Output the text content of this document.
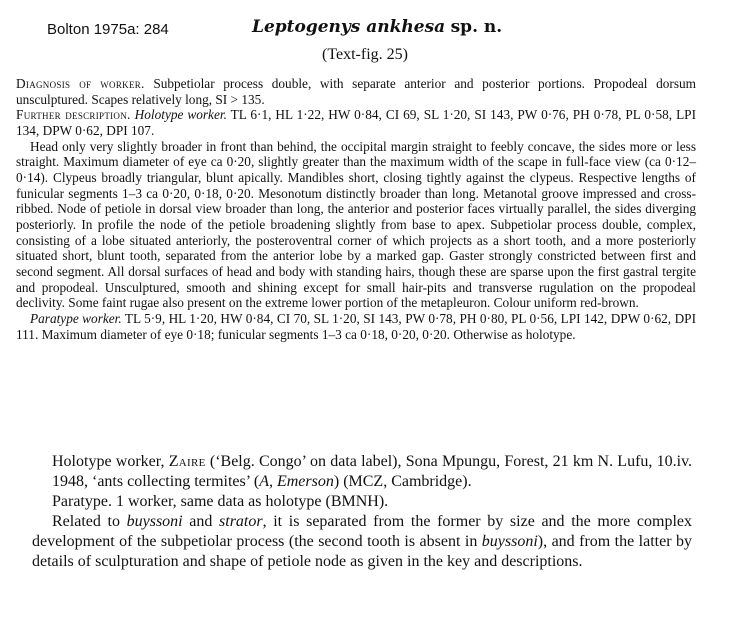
Bolton 1975a: 284	Leptogenys ankhesa sp. n.
(Text-fig. 25)

Diagnosis of worker. Subpetiolar process double, with separate anterior and posterior portions. Propodeal dorsum unsculptured. Scapes relatively long, SI > 135.

Further description. Holotype worker. TL 6·1, HL 1·22, HW 0·84, CI 69, SL 1·20, SI 143, PW 0·76, PH 0·78, PL 0·58, LPI 134, DPW 0·62, DPI 107.

Head only very slightly broader in front than behind, the occipital margin straight to feebly concave, the sides more or less straight. Maximum diameter of eye ca 0·20, slightly greater than the maximum width of the scape in full-face view (ca 0·12–0·14). Clypeus broadly triangular, blunt apically. Mandibles short, closing tightly against the clypeus. Respective lengths of funicular segments 1–3 ca 0·20, 0·18, 0·20. Mesonotum distinctly broader than long. Metanotal groove impressed and cross-ribbed. Node of petiole in dorsal view broader than long, the anterior and posterior faces virtually parallel, the sides diverging posteriorly. In profile the node of the petiole broadening slightly from base to apex. Subpetiolar process double, complex, consisting of a lobe situated anteriorly, the posteroventral corner of which projects as a short tooth, and a more posteriorly situated short, blunt tooth, separated from the anterior lobe by a marked gap. Gaster strongly constricted between first and second segment. All dorsal surfaces of head and body with standing hairs, though these are sparse upon the first gastral tergite and propodeal. Unsculptured, smooth and shining except for small hair-pits and transverse rugulation on the propodeal declivity. Some faint rugae also present on the extreme lower portion of the metapleuron. Colour uniform red-brown.

Paratype worker. TL 5·9, HL 1·20, HW 0·84, CI 70, SL 1·20, SI 143, PW 0·78, PH 0·80, PL 0·56, LPI 142, DPW 0·62, DPI 111. Maximum diameter of eye 0·18; funicular segments 1–3 ca 0·18, 0·20, 0·20. Otherwise as holotype.

Holotype worker, Zaire (‘Belg. Congo’ on data label), Sona Mpungu, Forest, 21 km N. Lufu, 10.iv. 1948, ‘ants collecting termites’ (A, Emerson) (MCZ, Cambridge).

Paratype. 1 worker, same data as holotype (BMNH).

Related to buyssoni and strator, it is separated from the former by size and the more complex development of the subpetiolar process (the second tooth is absent in buyssoni), and from the latter by details of sculpturation and shape of petiole node as given in the key and descriptions.
